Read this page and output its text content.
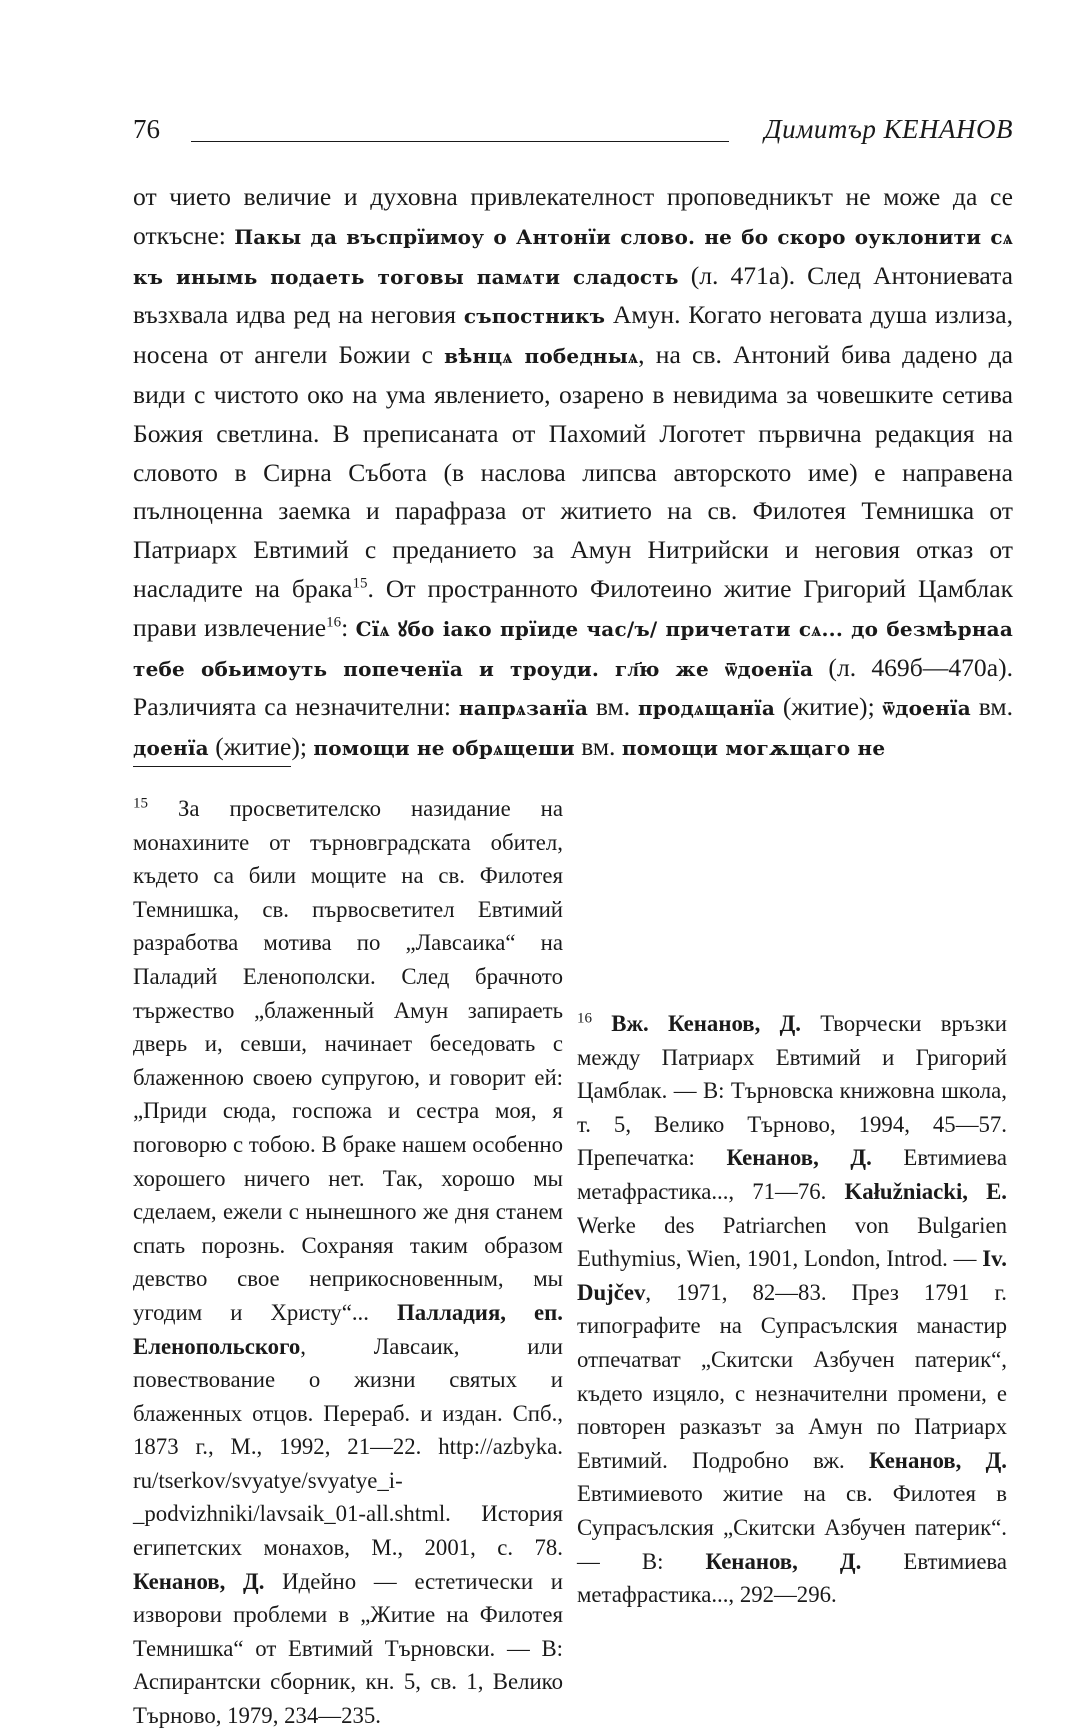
76	Димитър КЕНАНОВ
от чието величие и духовна привлекателност проповедникът не може да се откъсне: Пакы да въспрїимоу о Антонїи слово. не бо скоро оуклонити сѧ къ инымь подаеть тоговы памѧти сладость (л. 471а). След Антониевата възхвала идва ред на неговия съпостникъ Амун. Когато неговата душа излиза, носена от ангели Божии с вѣнцѧ победныѧ, на св. Антоний бива дадено да види с чистото око на ума явлението, озарено в невидима за човешките сетива Божия светлина. В преписаната от Пахомий Логотет първична редакция на словото в Сирна Събота (в наслова липсва авторското име) е направена пълноценна заемка и парафраза от житието на св. Филотея Темнишка от Патриарх Евтимий с преданието за Амун Нитрийски и неговия отказ от насладите на брака$^{15}$. От пространното Филотеино житие Григорий Цамблак прави извлечение$^{16}$: Сїѧ ꙋбо іако прїиде час/ъ/ причетати сѧ... до безмѣрнаа тебе обьимоуть попеченїа и троуди. гл҃ю же ѿдоенїа (л. 469б—470а). Различията са незначителни: напрѧзанїа вм. продѧщанїа (житие); ѿдоенїа вм. доенїа (житие); помощи не обрѧщеши вм. помощи могѫщаго не
$^{15}$ За просветителско назидание на монахините от търновградската обител, където са били мощите на св. Филотея Темнишка, св. първосветител Евтимий разработва мотива по „Лавсаика“ на Паладий Еленополски. След брачното тържество „блаженный Амун запираеть дверь и, севши, начинает беседовать с блаженною своею супругою, и говорит ей: „Приди сюда, госпожа и сестра моя, я поговорю с тобою. В браке нашем особенно хорошего ничего нет. Так, хорошо мы сделаем, ежели с нынешного же дня станем спать порознь. Сохраняя таким образом девство свое неприкосновенным, мы угодим и Христу“... Палладия, еп. Еленопольского, Лавсаик, или повествование о жизни святых и блаженных отцов. Перераб. и издан. Спб., 1873 г., М., 1992, 21—22. http://azbyka. ru/tserkov/svyatye/svyatye_i-_podvizhniki/lavsaik_01-all.shtml. История египетских монахов, М., 2001, с. 78. Кенанов, Д. Идейно — естетически и изворови проблеми в „Житие на Филотея Темнишка“ от Евтимий Търновски. — В: Аспирантски сборник, кн. 5, св. 1, Велико Търново, 1979, 234—235.
$^{16}$ Вж. Кенанов, Д. Творчески връзки между Патриарх Евтимий и Григорий Цамблак. — В: Търновска книжовна школа, т. 5, Велико Търново, 1994, 45—57. Препечатка: Кенанов, Д. Евтимиева метафрастика..., 71—76. Kałužniacki, E. Werke des Patriarchen von Bulgarien Euthymius, Wien, 1901, London, Introd. — Iv. Dujčev, 1971, 82—83. През 1791 г. типографите на Супрасълския манастир отпечатват „Скитски Азбучен патерик“, където изцяло, с незначителни промени, е повторен разказът за Амун по Патриарх Евтимий. Подробно вж. Кенанов, Д. Евтимиевото житие на св. Филотея в Супрасълския „Скитски Азбучен патерик“. — В: Кенанов, Д. Евтимиева метафрастика..., 292—296.
